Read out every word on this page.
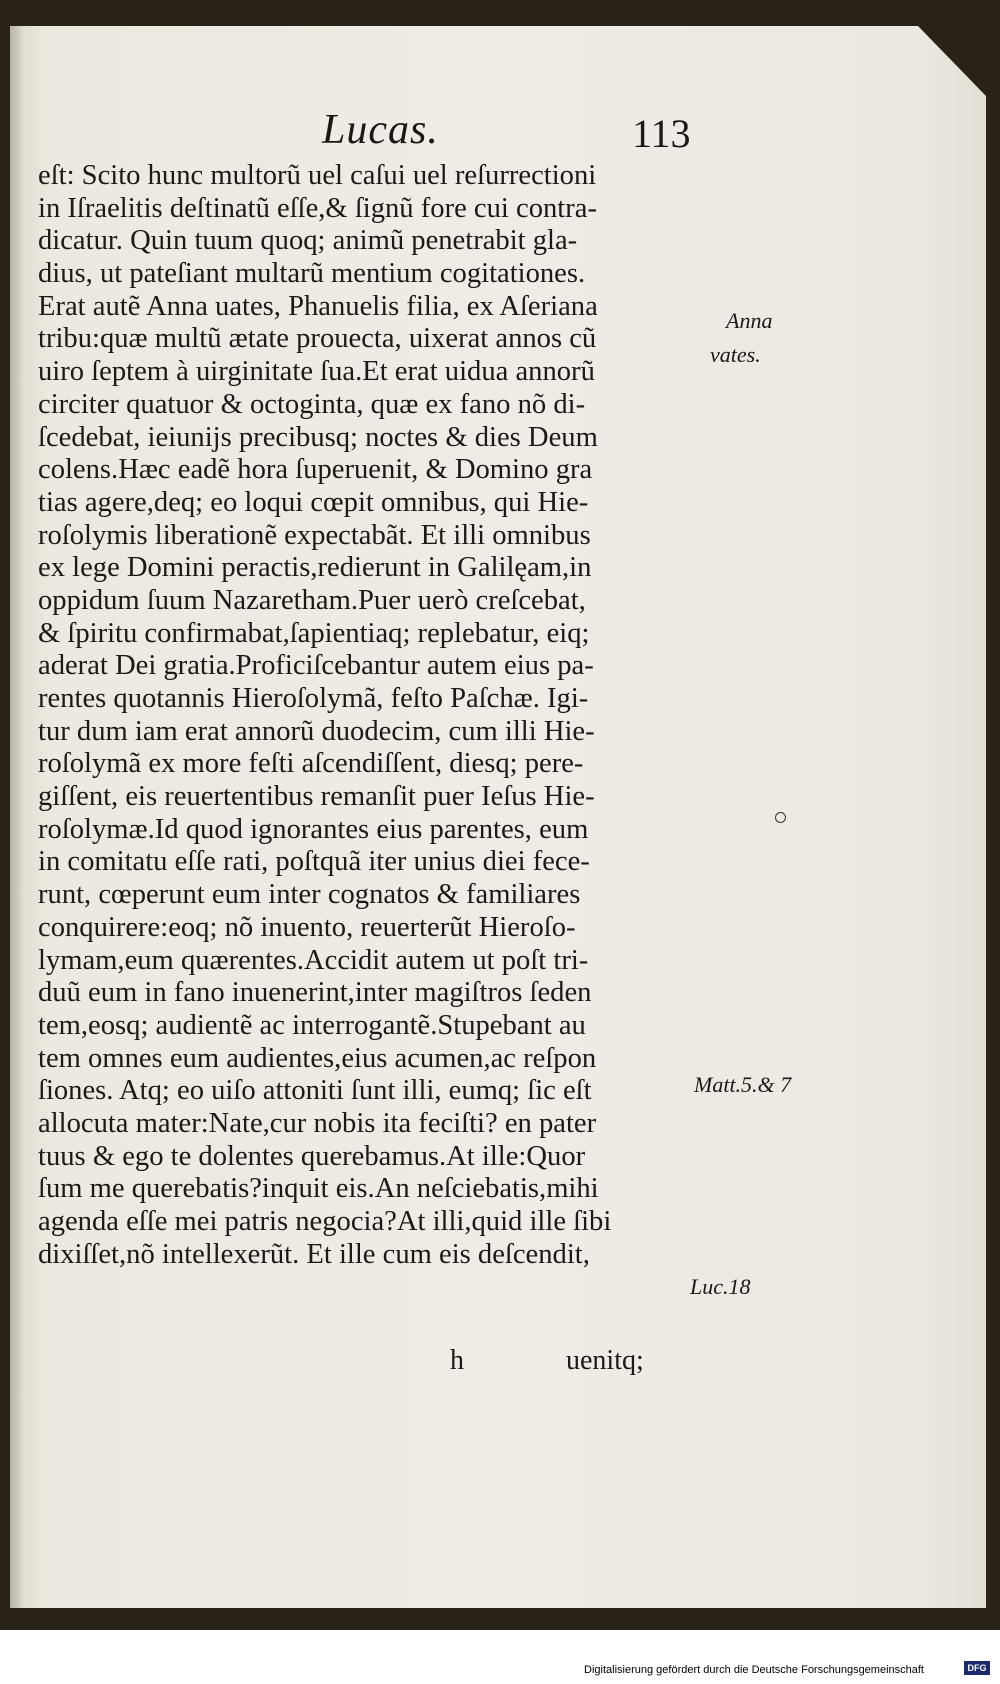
Lucas.	113
eſt: Scito hunc multorũ uel caſui uel reſurrectioni
in Iſraelitis deſtinatũ eſſe,& ſignũ fore cui contra-
dicatur. Quin tuum quoq; animũ penetrabit gla-
dius, ut pateſiant multarũ mentium cogitationes.
Erat autẽ Anna uates, Phanuelis filia, ex Aſeriana
tribu:quæ multũ ætate prouecta, uixerat annos cũ
uiro ſeptem à uirginitate ſua.Et erat uidua annorũ
circiter quatuor & octoginta, quæ ex fano nõ di-
ſcedebat, ieiunijs precibusq; noctes & dies Deum
colens.Hæc eadẽ hora ſuperuenit, & Domino gra
tias agere,deq; eo loqui cœpit omnibus, qui Hie-
roſolymis liberationẽ expectabãt. Et illi omnibus
ex lege Domini peractis,redierunt in Galilęam,in
oppidum ſuum Nazaretham.Puer uerò creſcebat,
& ſpiritu confirmabat,ſapientiaq; replebatur, eiq;
aderat Dei gratia.Proficiſcebantur autem eius pa-
rentes quotannis Hieroſolymã, feſto Paſchæ. Igi-
tur dum iam erat annorũ duodecim, cum illi Hie-
roſolymã ex more feſti aſcendiſſent, diesq; pere-
giſſent, eis reuertentibus remanſit puer Ieſus Hie-
roſolymæ.Id quod ignorantes eius parentes, eum
in comitatu eſſe rati, poſtquã iter unius diei fece-
runt, cœperunt eum inter cognatos & familiares
conquirere:eoq; nõ inuento, reuerterũt Hieroſo-
lymam,eum quærentes.Accidit autem ut poſt tri-
duũ eum in fano inuenerint,inter magiſtros ſeden
tem,eosq; audientẽ ac interrogantẽ.Stupebant au
tem omnes eum audientes,eius acumen,ac reſpon
ſiones. Atq; eo uiſo attoniti ſunt illi, eumq; ſic eſt
allocuta mater:Nate,cur nobis ita feciſti? en pater
tuus & ego te dolentes querebamus.At ille:Quor
ſum me querebatis?inquit eis.An neſciebatis,mihi
agenda eſſe mei patris negocia?At illi,quid ille ſibi
dixiſſet,nõ intellexerũt. Et ille cum eis deſcendit,
Anna
vates.
Matt.5.& 7
Luc.18
h	uenitq;
Digitalisierung gefördert durch die Deutsche Forschungsgemeinschaft	DFG
